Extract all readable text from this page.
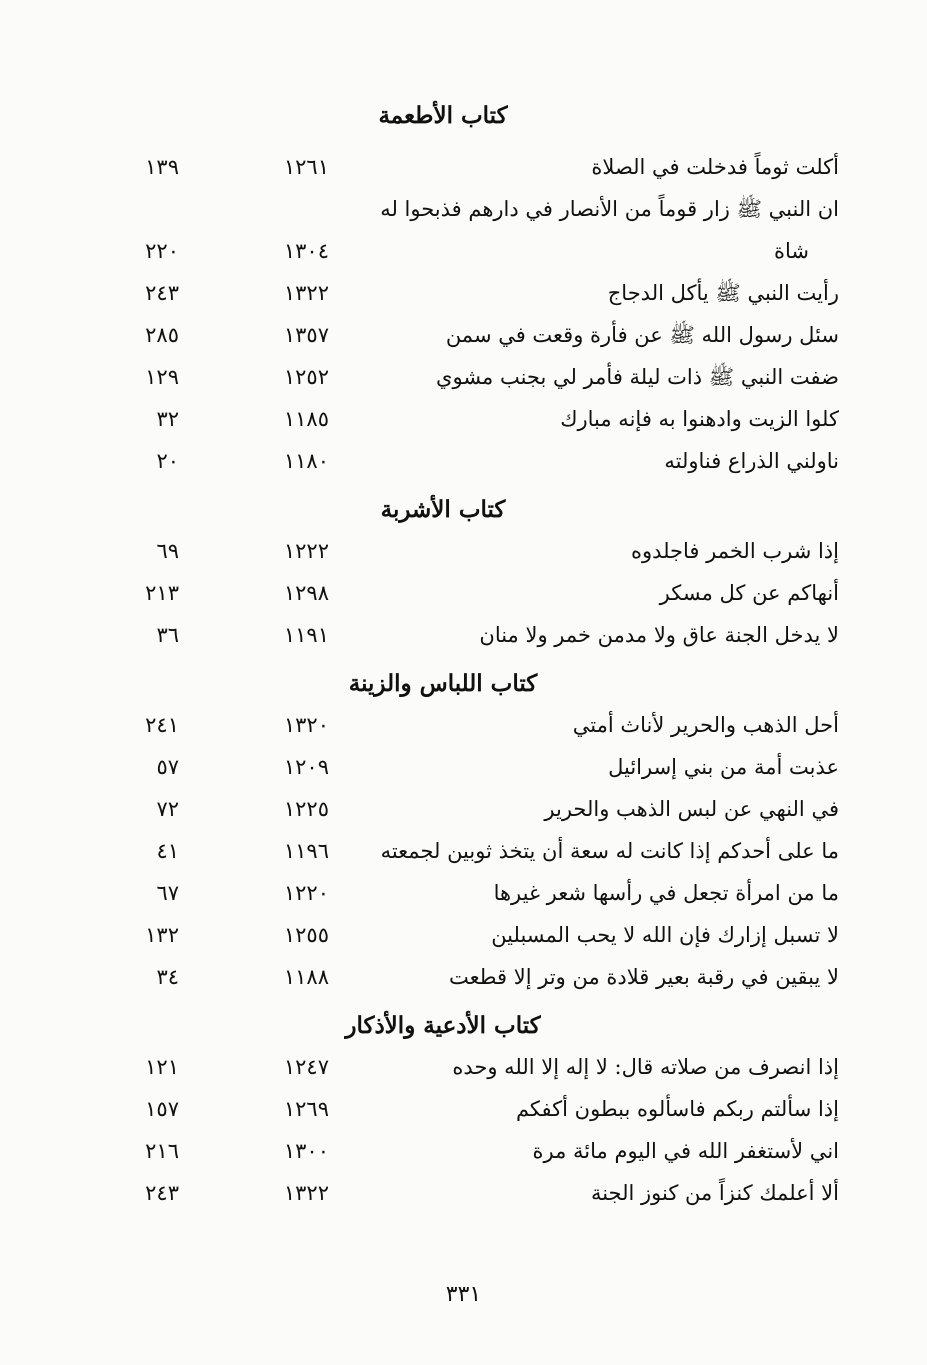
كتاب الأطعمة
أكلت ثوماً فدخلت في الصلاة
١٢٦١
١٣٩
ان النبي ﷺ زار قوماً من الأنصار في دارهم فذبحوا له

شاة
١٣٠٤
٢٢٠
رأيت النبي ﷺ يأكل الدجاج
١٣٢٢
٢٤٣
سئل رسول الله ﷺ عن فأرة وقعت في سمن
١٣٥٧
٢٨٥
ضفت النبي ﷺ ذات ليلة فأمر لي بجنب مشوي
١٢٥٢
١٢٩
كلوا الزيت وادهنوا به فإنه مبارك
١١٨٥
٣٢
ناولني الذراع فناولته
١١٨٠
٢٠
كتاب الأشربة
إذا شرب الخمر فاجلدوه
١٢٢٢
٦٩
أنهاكم عن كل مسكر
١٢٩٨
٢١٣
لا يدخل الجنة عاق ولا مدمن خمر ولا منان
١١٩١
٣٦
كتاب اللباس والزينة
أحل الذهب والحرير لأناث أمتي
١٣٢٠
٢٤١
عذبت أمة من بني إسرائيل
١٢٠٩
٥٧
في النهي عن لبس الذهب والحرير
١٢٢٥
٧٢
ما على أحدكم إذا كانت له سعة أن يتخذ ثوبين لجمعته
١١٩٦
٤١
ما من امرأة تجعل في رأسها شعر غيرها
١٢٢٠
٦٧
لا تسبل إزارك فإن الله لا يحب المسبلين
١٢٥٥
١٣٢
لا يبقين في رقبة بعير قلادة من وتر إلا قطعت
١١٨٨
٣٤
كتاب الأدعية والأذكار
إذا انصرف من صلاته قال: لا إله إلا الله وحده
١٢٤٧
١٢١
إذا سألتم ربكم فاسألوه ببطون أكفكم
١٢٦٩
١٥٧
اني لأستغفر الله في اليوم مائة مرة
١٣٠٠
٢١٦
ألا أعلمك كنزاً من كنوز الجنة
١٣٢٢
٢٤٣
٣٣١
